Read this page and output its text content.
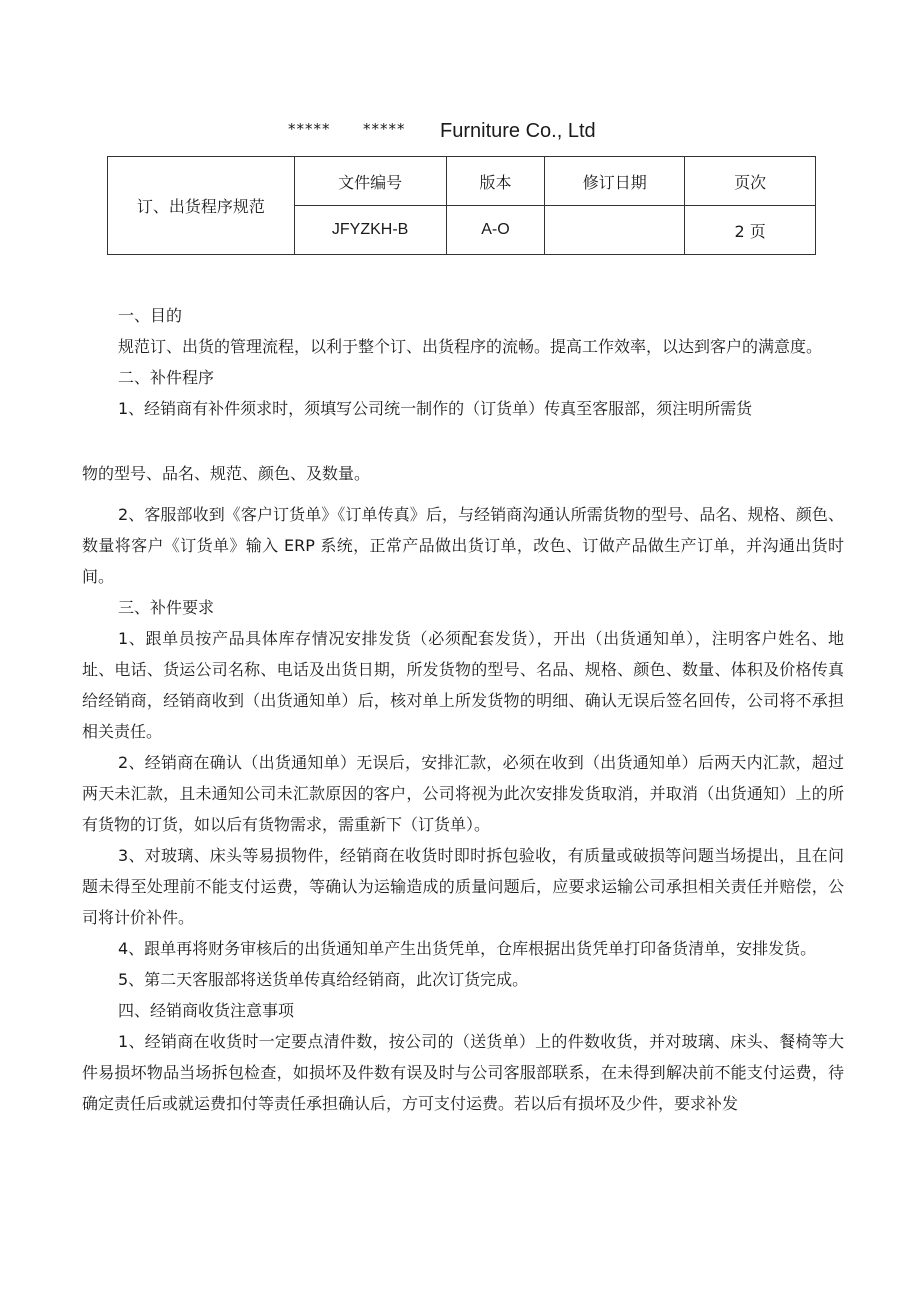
***** ***** Furniture Co., Ltd
订、出货程序规范	文件编号	版本	修订日期	页次
	JFYZKH-B	A-O		2 页
一、目的
规范订、出货的管理流程，以利于整个订、出货程序的流畅。提高工作效率，以达到客户的满意度。
二、补件程序
1、经销商有补件须求时，须填写公司统一制作的（订货单）传真至客服部，须注明所需货
物的型号、品名、规范、颜色、及数量。
2、客服部收到《客户订货单》《订单传真》后，与经销商沟通认所需货物的型号、品名、规格、颜色、数量将客户《订货单》输入 ERP 系统，正常产品做出货订单，改色、订做产品做生产订单，并沟通出货时间。
三、补件要求
1、跟单员按产品具体库存情况安排发货（必须配套发货），开出（出货通知单），注明客户姓名、地址、电话、货运公司名称、电话及出货日期，所发货物的型号、名品、规格、颜色、数量、体积及价格传真给经销商，经销商收到（出货通知单）后，核对单上所发货物的明细、确认无误后签名回传，公司将不承担相关责任。
2、经销商在确认（出货通知单）无误后，安排汇款，必须在收到（出货通知单）后两天内汇款，超过两天未汇款，且未通知公司未汇款原因的客户，公司将视为此次安排发货取消，并取消（出货通知）上的所有货物的订货，如以后有货物需求，需重新下（订货单）。
3、对玻璃、床头等易损物件，经销商在收货时即时拆包验收，有质量或破损等问题当场提出，且在问题未得至处理前不能支付运费，等确认为运输造成的质量问题后，应要求运输公司承担相关责任并赔偿，公司将计价补件。
4、跟单再将财务审核后的出货通知单产生出货凭单，仓库根据出货凭单打印备货清单，安排发货。
5、第二天客服部将送货单传真给经销商，此次订货完成。
四、经销商收货注意事项
1、经销商在收货时一定要点清件数，按公司的（送货单）上的件数收货，并对玻璃、床头、餐椅等大件易损坏物品当场拆包检查，如损坏及件数有误及时与公司客服部联系，在未得到解决前不能支付运费，待确定责任后或就运费扣付等责任承担确认后，方可支付运费。若以后有损坏及少件，要求补发
